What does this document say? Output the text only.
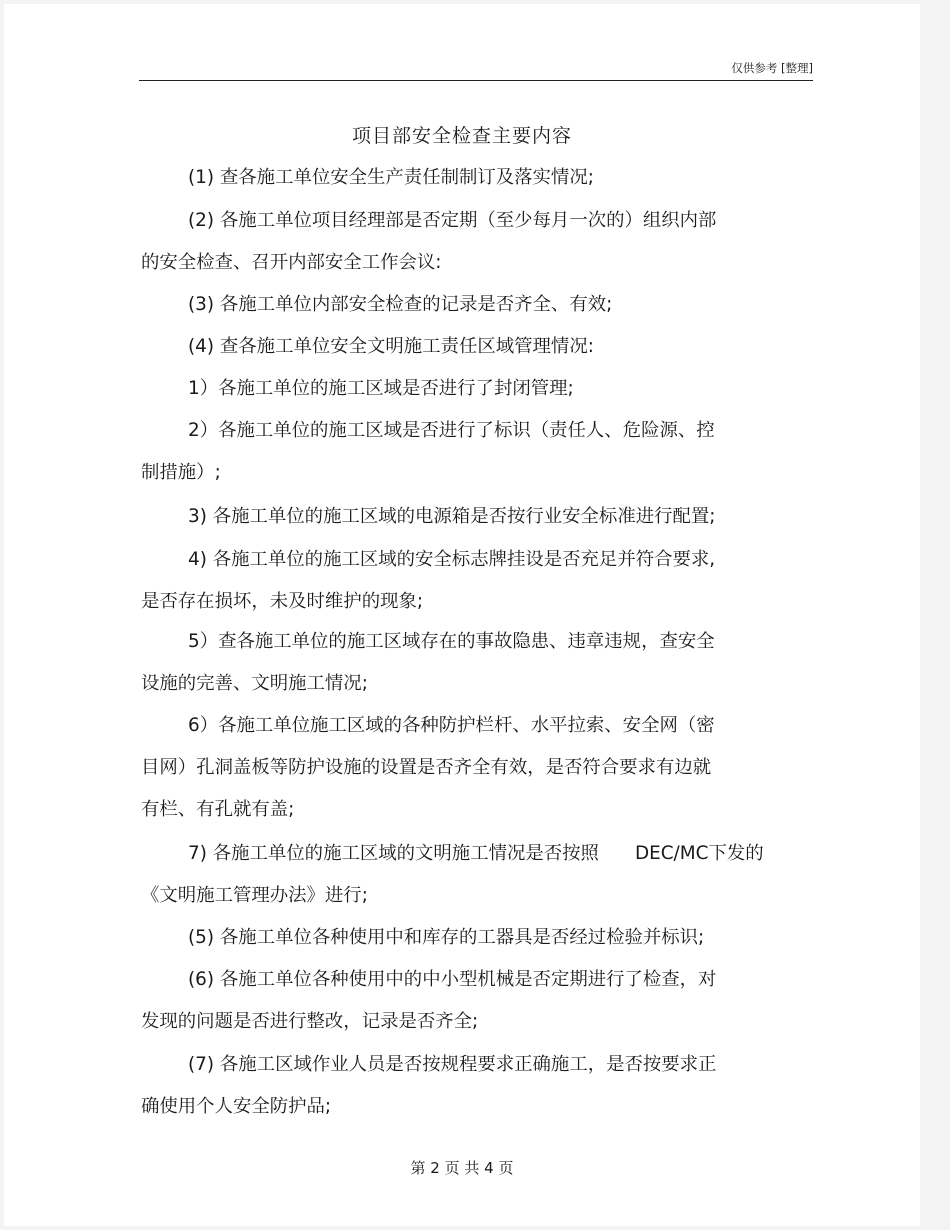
仅供参考 [整理]
项目部安全检查主要内容
(1) 查各施工单位安全生产责任制制订及落实情况;
(2) 各施工单位项目经理部是否定期（至少每月一次的）组织内部
的安全检查、召开内部安全工作会议:
(3) 各施工单位内部安全检查的记录是否齐全、有效;
(4) 查各施工单位安全文明施工责任区域管理情况:
1）各施工单位的施工区域是否进行了封闭管理;
2）各施工单位的施工区域是否进行了标识（责任人、危险源、控
制措施）;
3) 各施工单位的施工区域的电源箱是否按行业安全标准进行配置;
4) 各施工单位的施工区域的安全标志牌挂设是否充足并符合要求,
是否存在损坏，未及时维护的现象;
5）查各施工单位的施工区域存在的事故隐患、违章违规，查安全
设施的完善、文明施工情况;
6）各施工单位施工区域的各种防护栏杆、水平拉索、安全网（密
目网）孔洞盖板等防护设施的设置是否齐全有效，是否符合要求有边就
有栏、有孔就有盖;
7) 各施工单位的施工区域的文明施工情况是否按照 DEC/MC下发的
《文明施工管理办法》进行;
(5) 各施工单位各种使用中和库存的工器具是否经过检验并标识;
(6) 各施工单位各种使用中的中小型机械是否定期进行了检查，对
发现的问题是否进行整改，记录是否齐全;
(7) 各施工区域作业人员是否按规程要求正确施工，是否按要求正
确使用个人安全防护品;
第 2 页 共 4 页
